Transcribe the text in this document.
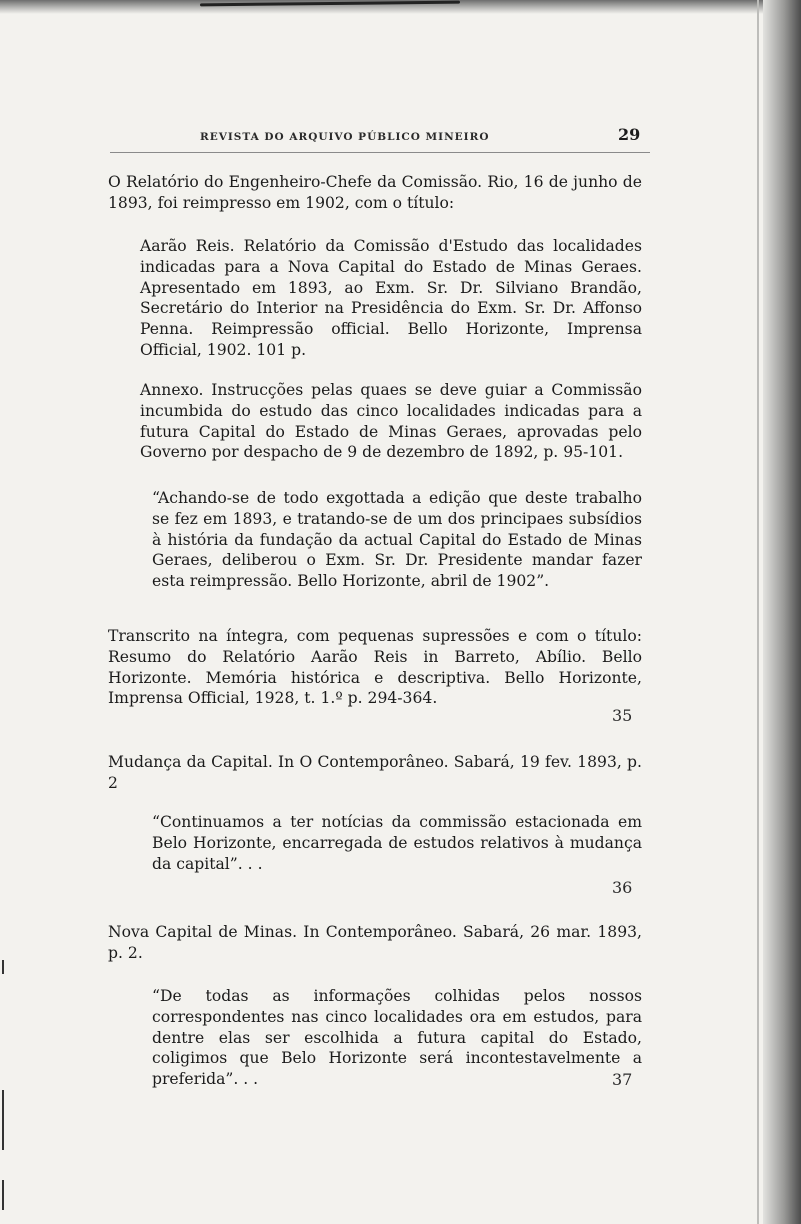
REVISTA DO ARQUIVO PÚBLICO MINEIRO	29

O Relatório do Engenheiro-Chefe da Comissão. Rio, 16 de junho de 1893, foi reimpresso em 1902, com o título:

Aarão Reis. Relatório da Comissão d'Estudo das localidades indicadas para a Nova Capital do Estado de Minas Geraes. Apresentado em 1893, ao Exm. Sr. Dr. Silviano Brandão, Secretário do Interior na Presidência do Exm. Sr. Dr. Affonso Penna. Reimpressão official. Bello Horizonte, Imprensa Official, 1902. 101 p.

Annexo. Instrucções pelas quaes se deve guiar a Commissão incumbida do estudo das cinco localidades indicadas para a futura Capital do Estado de Minas Geraes, aprovadas pelo Governo por despacho de 9 de dezembro de 1892, p. 95-101.

“Achando-se de todo exgottada a edição que deste trabalho se fez em 1893, e tratando-se de um dos principaes subsídios à história da fundação da actual Capital do Estado de Minas Geraes, deliberou o Exm. Sr. Dr. Presidente mandar fazer esta reimpressão. Bello Horizonte, abril de 1902”.

Transcrito na íntegra, com pequenas supressões e com o título: Resumo do Relatório Aarão Reis in Barreto, Abílio. Bello Horizonte. Memória histórica e descriptiva. Bello Horizonte, Imprensa Official, 1928, t. 1.º p. 294-364.

35

Mudança da Capital. In O Contemporâneo. Sabará, 19 fev. 1893, p. 2

“Continuamos a ter notícias da commissão estacionada em Belo Horizonte, encarregada de estudos relativos à mudança da capital”. . .

36

Nova Capital de Minas. In Contemporâneo. Sabará, 26 mar. 1893, p. 2.

“De todas as informações colhidas pelos nossos correspondentes nas cinco localidades ora em estudos, para dentre elas ser escolhida a futura capital do Estado, coligimos que Belo Horizonte será incontestavelmente a preferida”. . .	37
